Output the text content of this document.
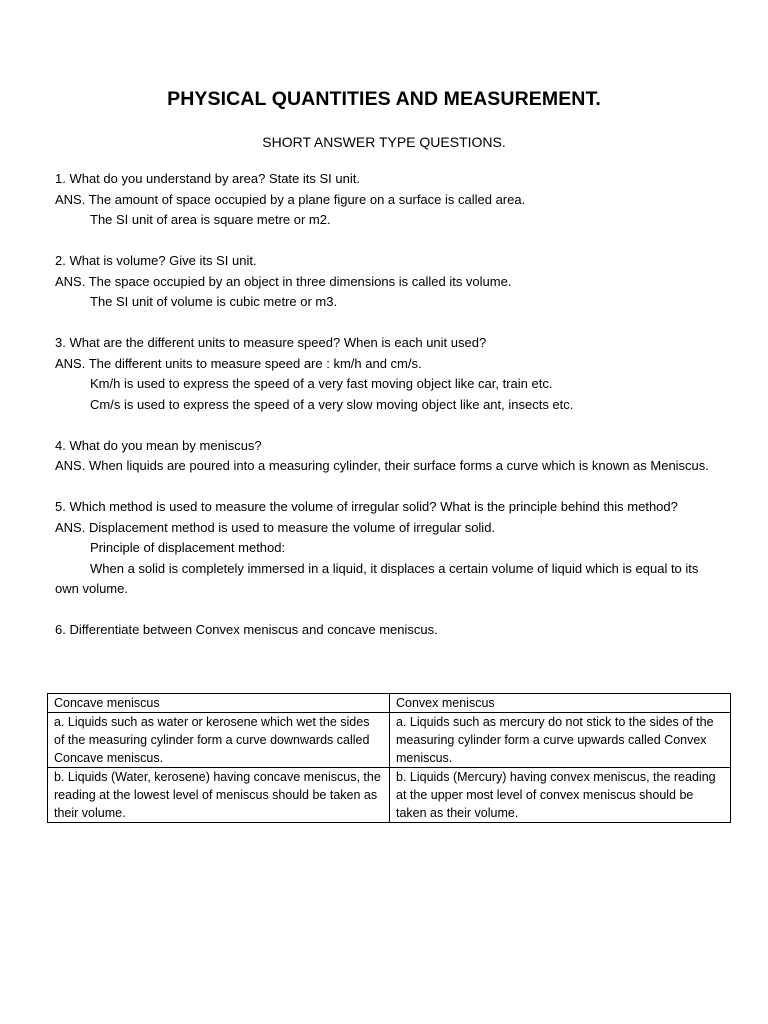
PHYSICAL QUANTITIES AND MEASUREMENT.
SHORT ANSWER TYPE QUESTIONS.

1. What do you understand by area? State its SI unit.

ANS. The amount of space occupied by a plane figure on a surface is called area.

The SI unit of area is square metre or m2.

2. What is volume? Give its SI unit.

ANS. The space occupied by an object in three dimensions is called its volume.

The SI unit of volume is cubic metre or m3.

3. What are the different units to measure speed? When is each unit used?

ANS. The different units to measure speed are : km/h and cm/s.

Km/h is used to express the speed of a very fast moving object like car, train etc.

Cm/s is used to express the speed of a very slow moving object like ant, insects etc.

4. What do you mean by meniscus?

ANS. When liquids are poured into a measuring cylinder, their surface forms a curve which is known as Meniscus.

5. Which method is used to measure the volume of irregular solid? What is the principle behind this method?

ANS. Displacement method is used to measure the volume of irregular solid.

Principle of displacement method:

When a solid is completely immersed in a liquid, it displaces a certain volume of liquid which is equal to its own volume.

6. Differentiate between Convex meniscus and concave meniscus.

Concave meniscus	Convex meniscus
a. Liquids such as water or kerosene which wet the sides of the measuring cylinder form a curve downwards called Concave meniscus.	a. Liquids such as mercury do not stick to the sides of the measuring cylinder form a curve upwards called Convex meniscus.
b. Liquids (Water, kerosene) having concave meniscus, the reading at the lowest level of meniscus should be taken as their volume.	b. Liquids (Mercury) having convex meniscus, the reading at the upper most level of convex meniscus should be taken as their volume.
